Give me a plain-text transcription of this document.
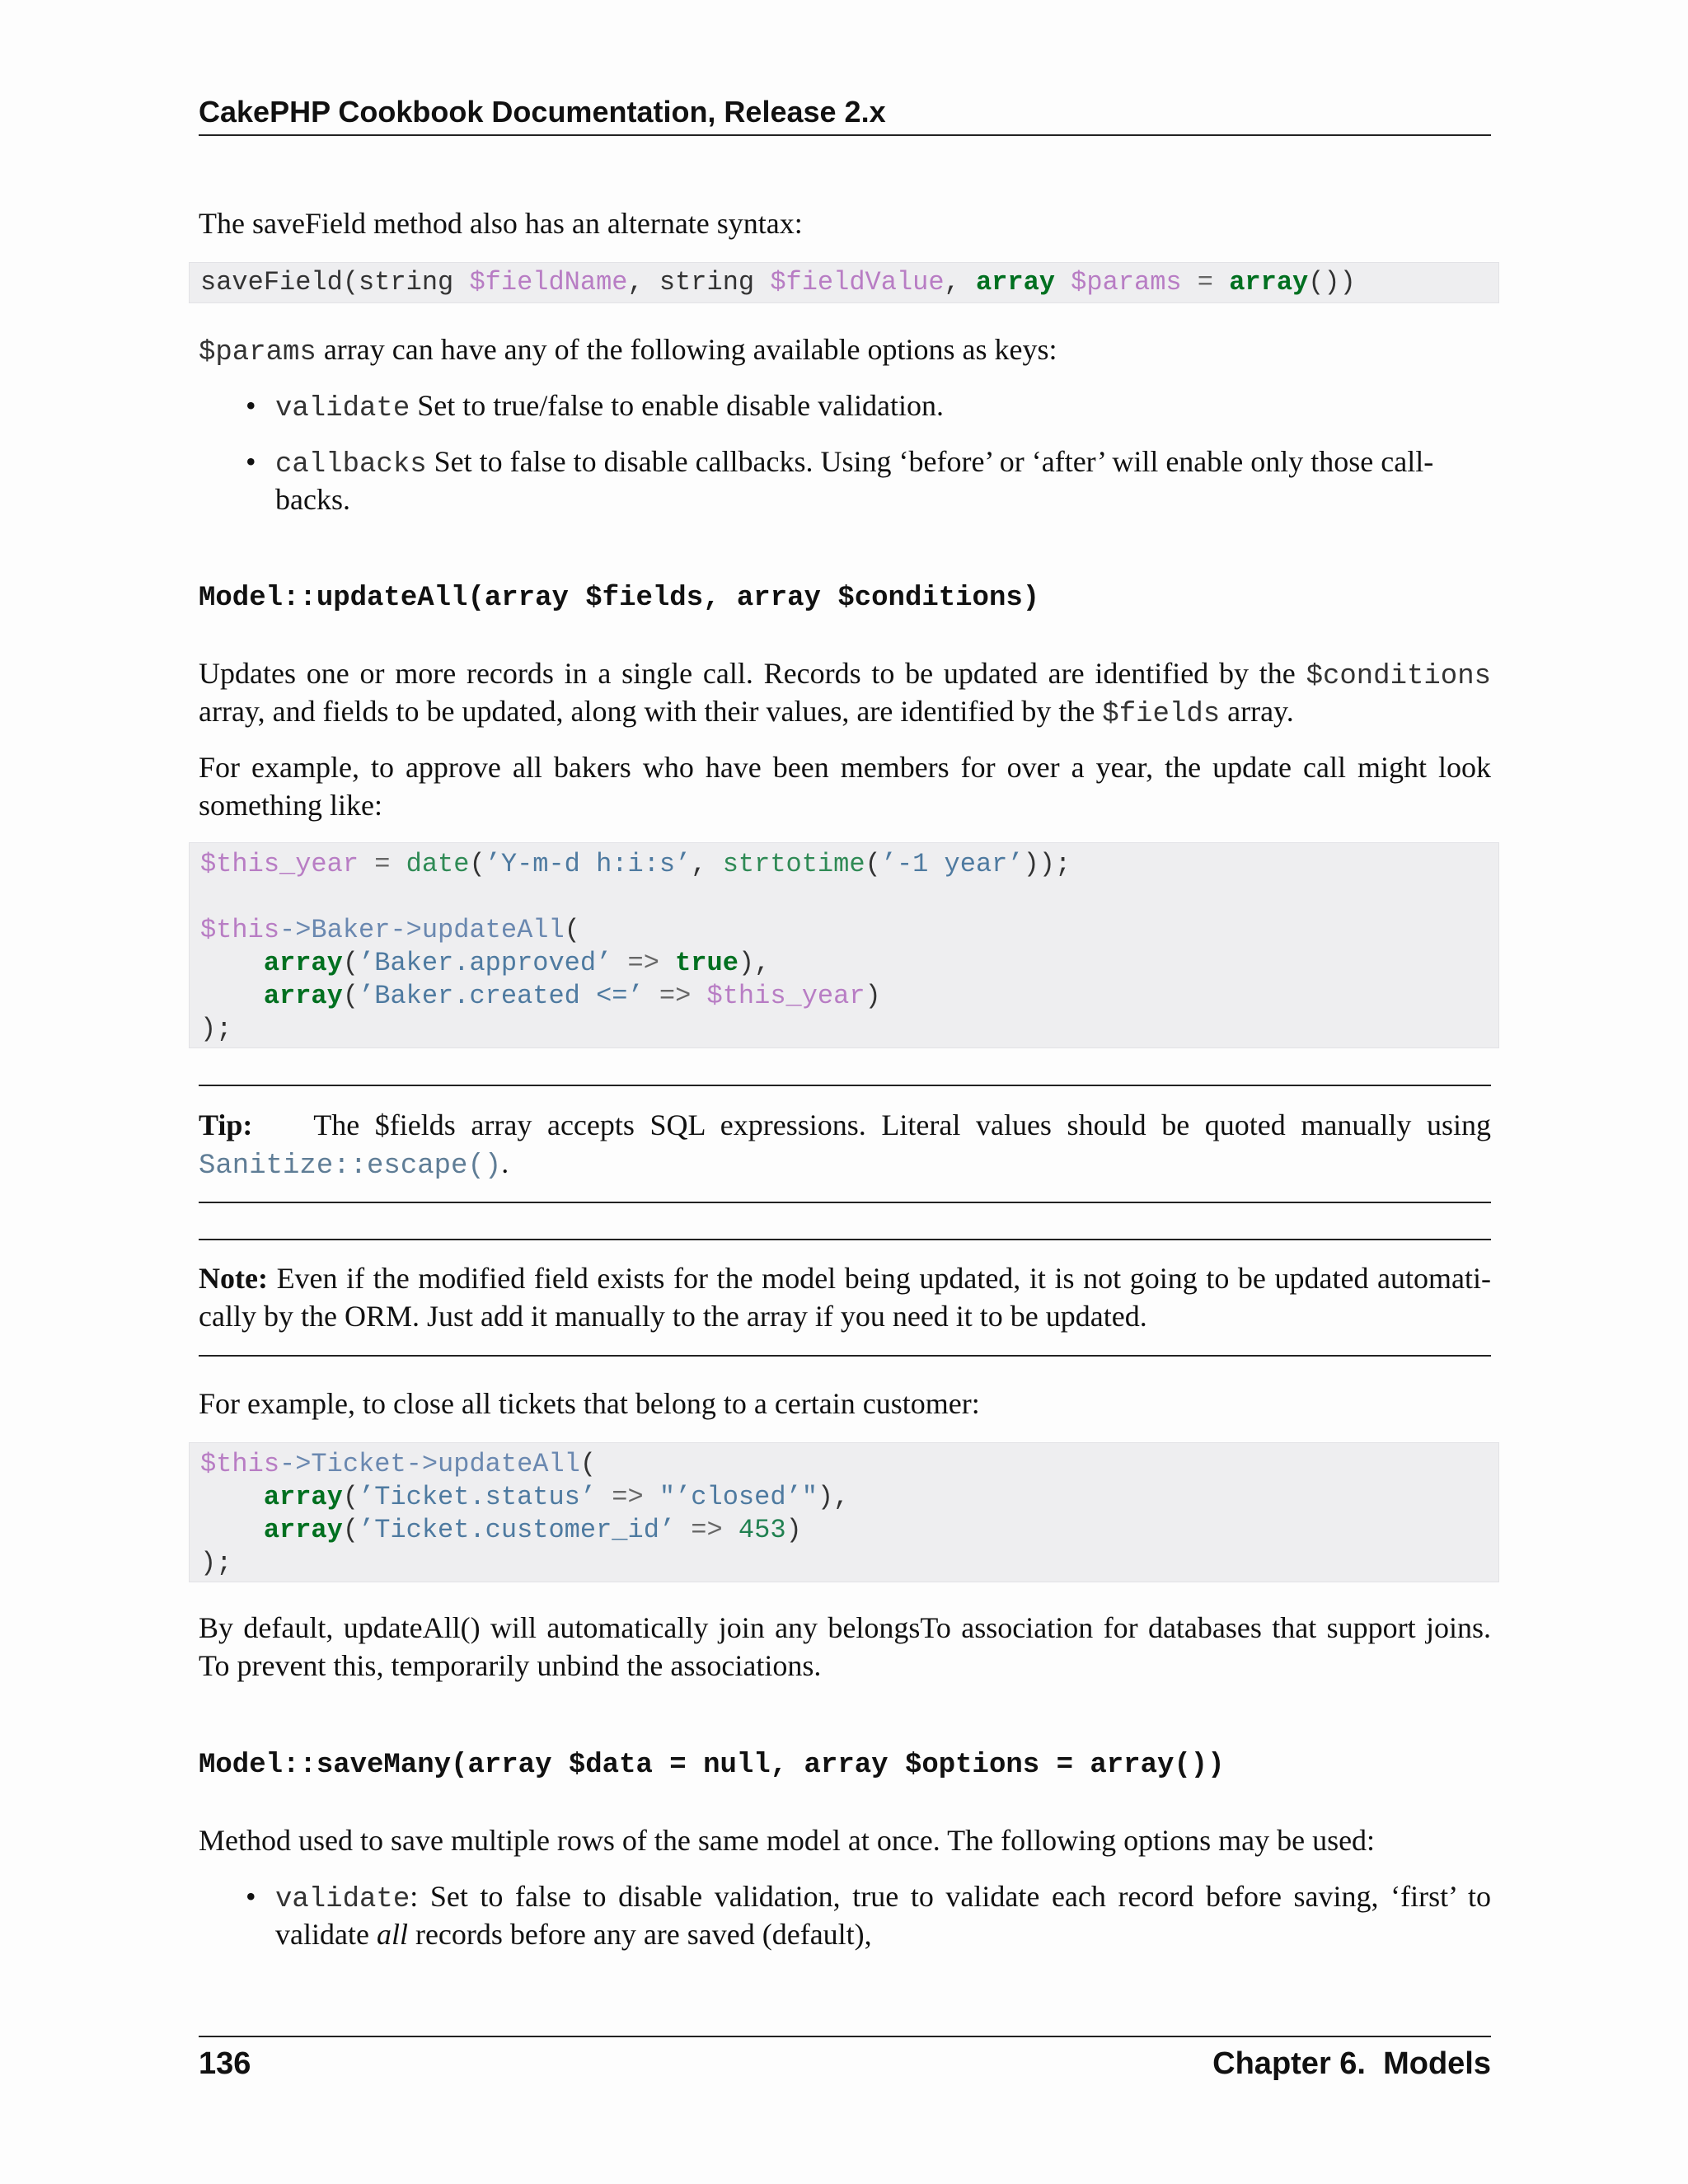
CakePHP Cookbook Documentation, Release 2.x
The saveField method also has an alternate syntax:
saveField(string $fieldName, string $fieldValue, array $params = array())
$params array can have any of the following available options as keys:
• validate Set to true/false to enable disable validation.
• callbacks Set to false to disable callbacks. Using ‘before’ or ‘after’ will enable only those call-
backs.
Model::updateAll(array $fields, array $conditions)
Updates one or more records in a single call. Records to be updated are identified by the $conditions
array, and fields to be updated, along with their values, are identified by the $fields array.
For example, to approve all bakers who have been members for over a year, the update call might look
something like:
$this_year = date(’Y-m-d h:i:s’, strtotime(’-1 year’));
$this->Baker->updateAll(
array(’Baker.approved’ => true),
array(’Baker.created <=’ => $this_year)
);
Tip: The $fields array accepts SQL expressions. Literal values should be quoted manually using
Sanitize::escape().
Note: Even if the modified field exists for the model being updated, it is not going to be updated automati-
cally by the ORM. Just add it manually to the array if you need it to be updated.
For example, to close all tickets that belong to a certain customer:
$this->Ticket->updateAll(
array(’Ticket.status’ => "’closed’"),
array(’Ticket.customer_id’ => 453)
);
By default, updateAll() will automatically join any belongsTo association for databases that support joins.
To prevent this, temporarily unbind the associations.
Model::saveMany(array $data = null, array $options = array())
Method used to save multiple rows of the same model at once. The following options may be used:
• validate: Set to false to disable validation, true to validate each record before saving, ‘first’ to
validate all records before any are saved (default),
136	Chapter 6.  Models
